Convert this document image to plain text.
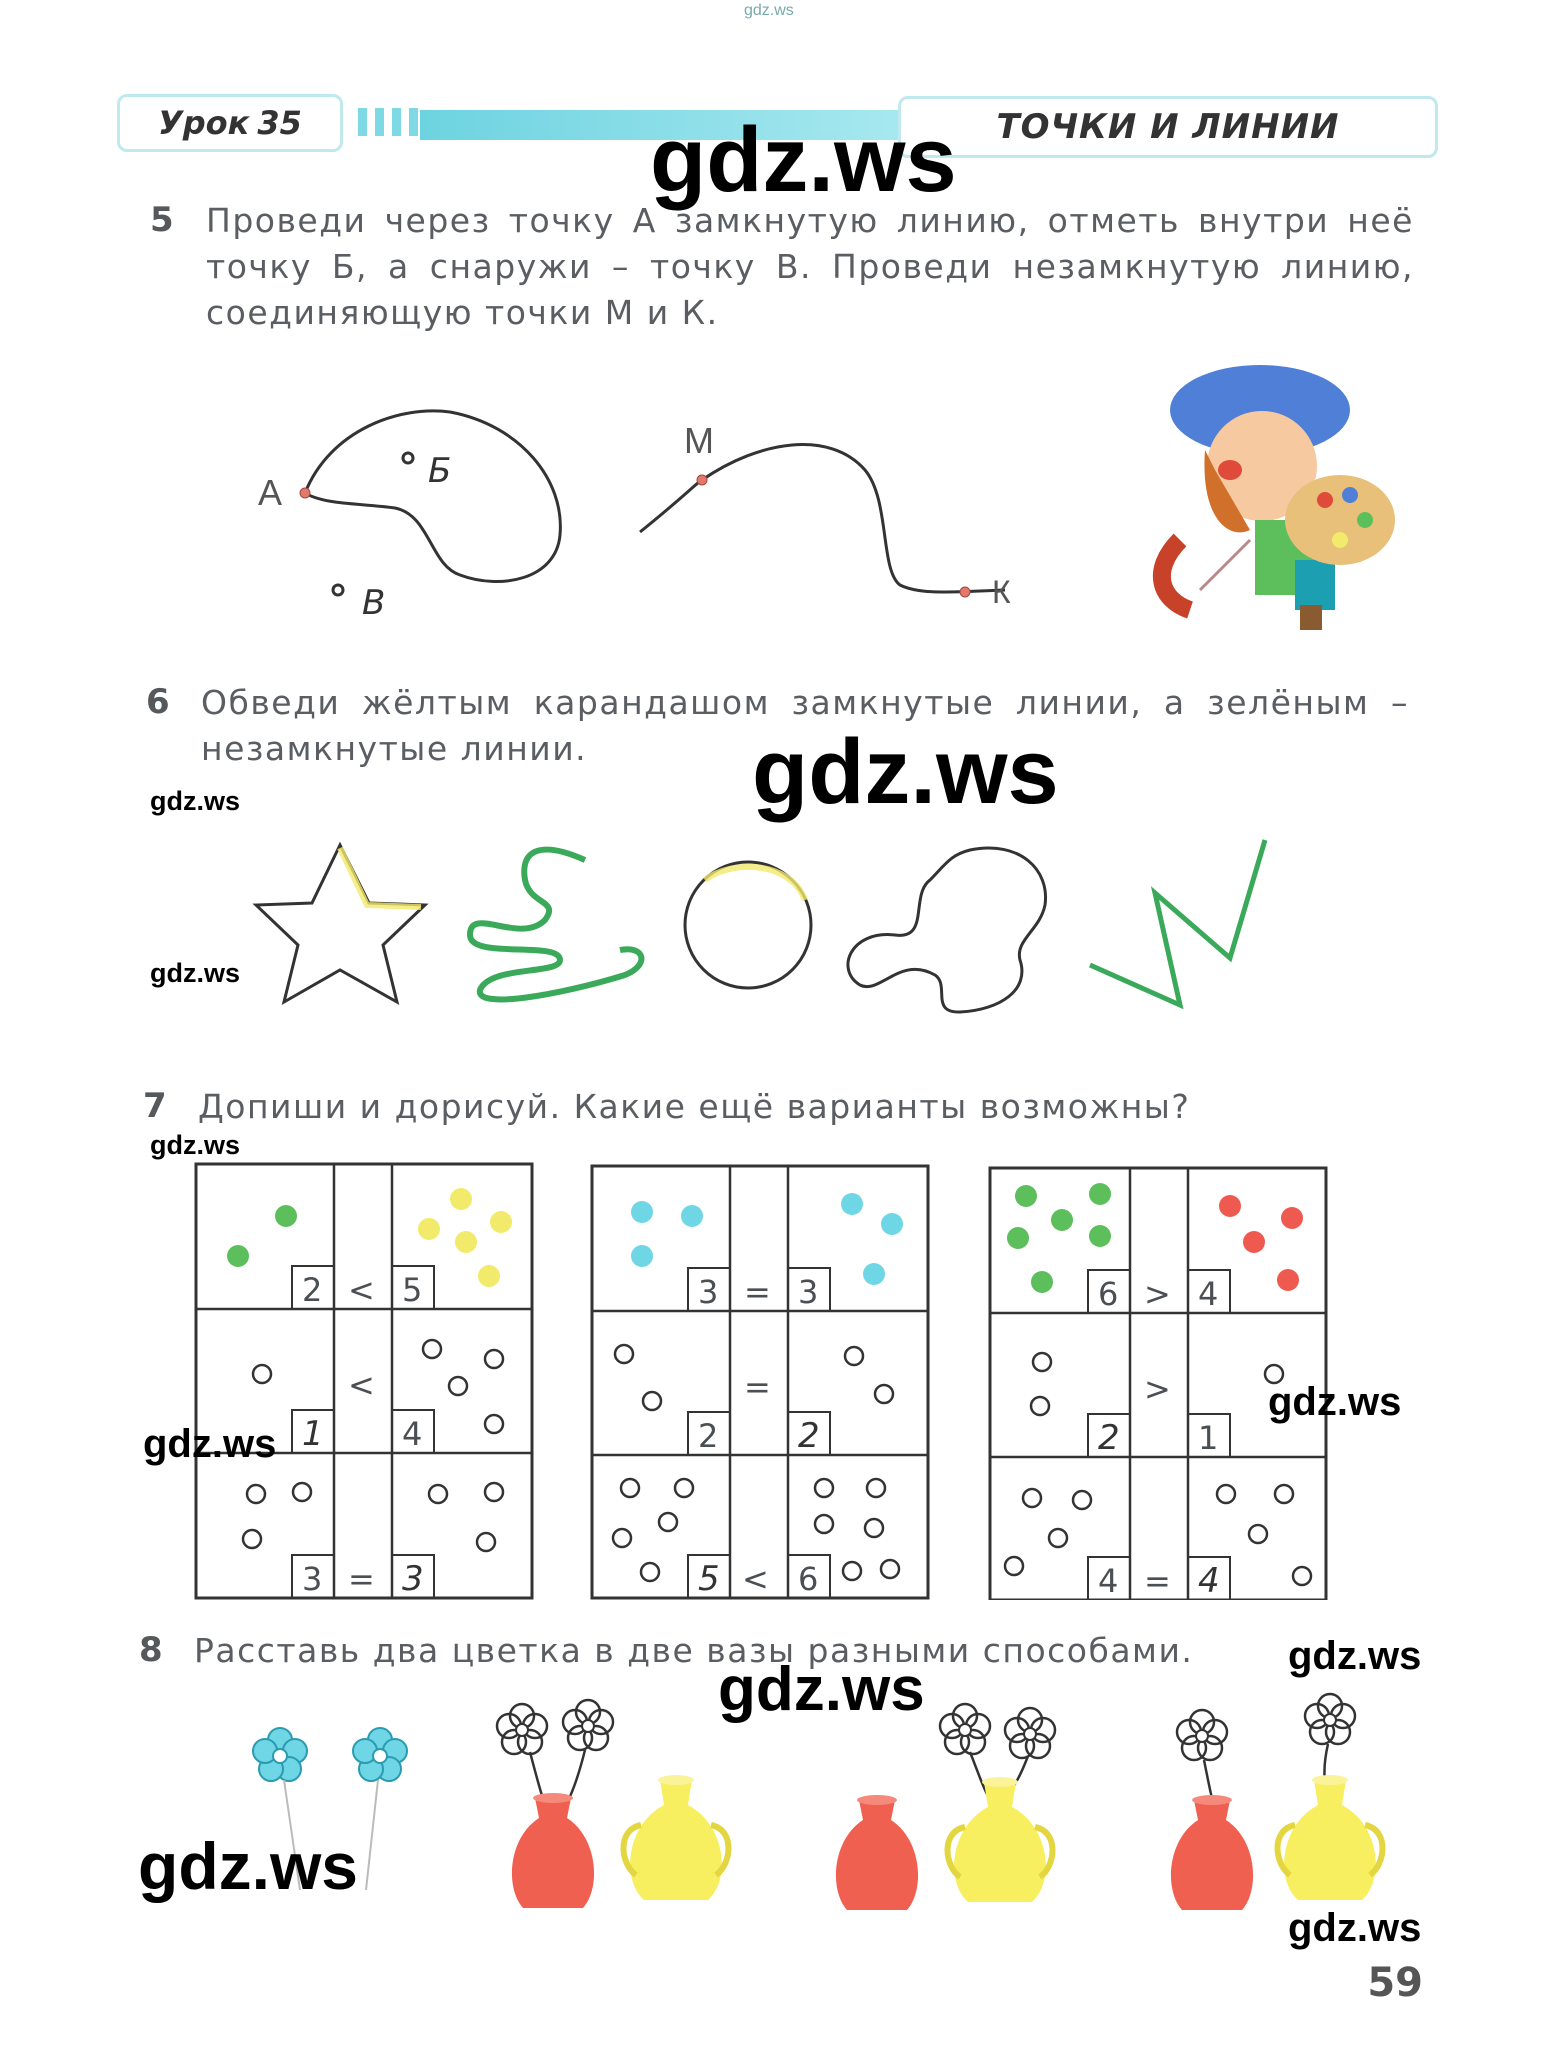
gdz.ws
Урок 35	ТОЧКИ И ЛИНИИ
5 Проведи через точку А замкнутую линию, отметь внутри неё точку Б, а снаружи – точку В. Проведи незамкнутую линию, соединяющую точки М и К.
А
Б
В
М
К
6 Обведи жёлтым карандашом замкнутые линии, а зелёным – незамкнутые линии.
7 Допиши и дорисуй. Какие ещё варианты возможны?
2 < 5
1
<
4
3 = 3
3 = 3
2
=
2
5 < 6
6 > 4
2
>
1
4 = 4
8 Расставь два цветка в две вазы разными способами.
gdz.ws
gdz.ws
gdz.ws
gdz.ws
gdz.ws
gdz.ws
gdz.ws
gdz.ws
gdz.ws
gdz.ws
gdz.ws
59
